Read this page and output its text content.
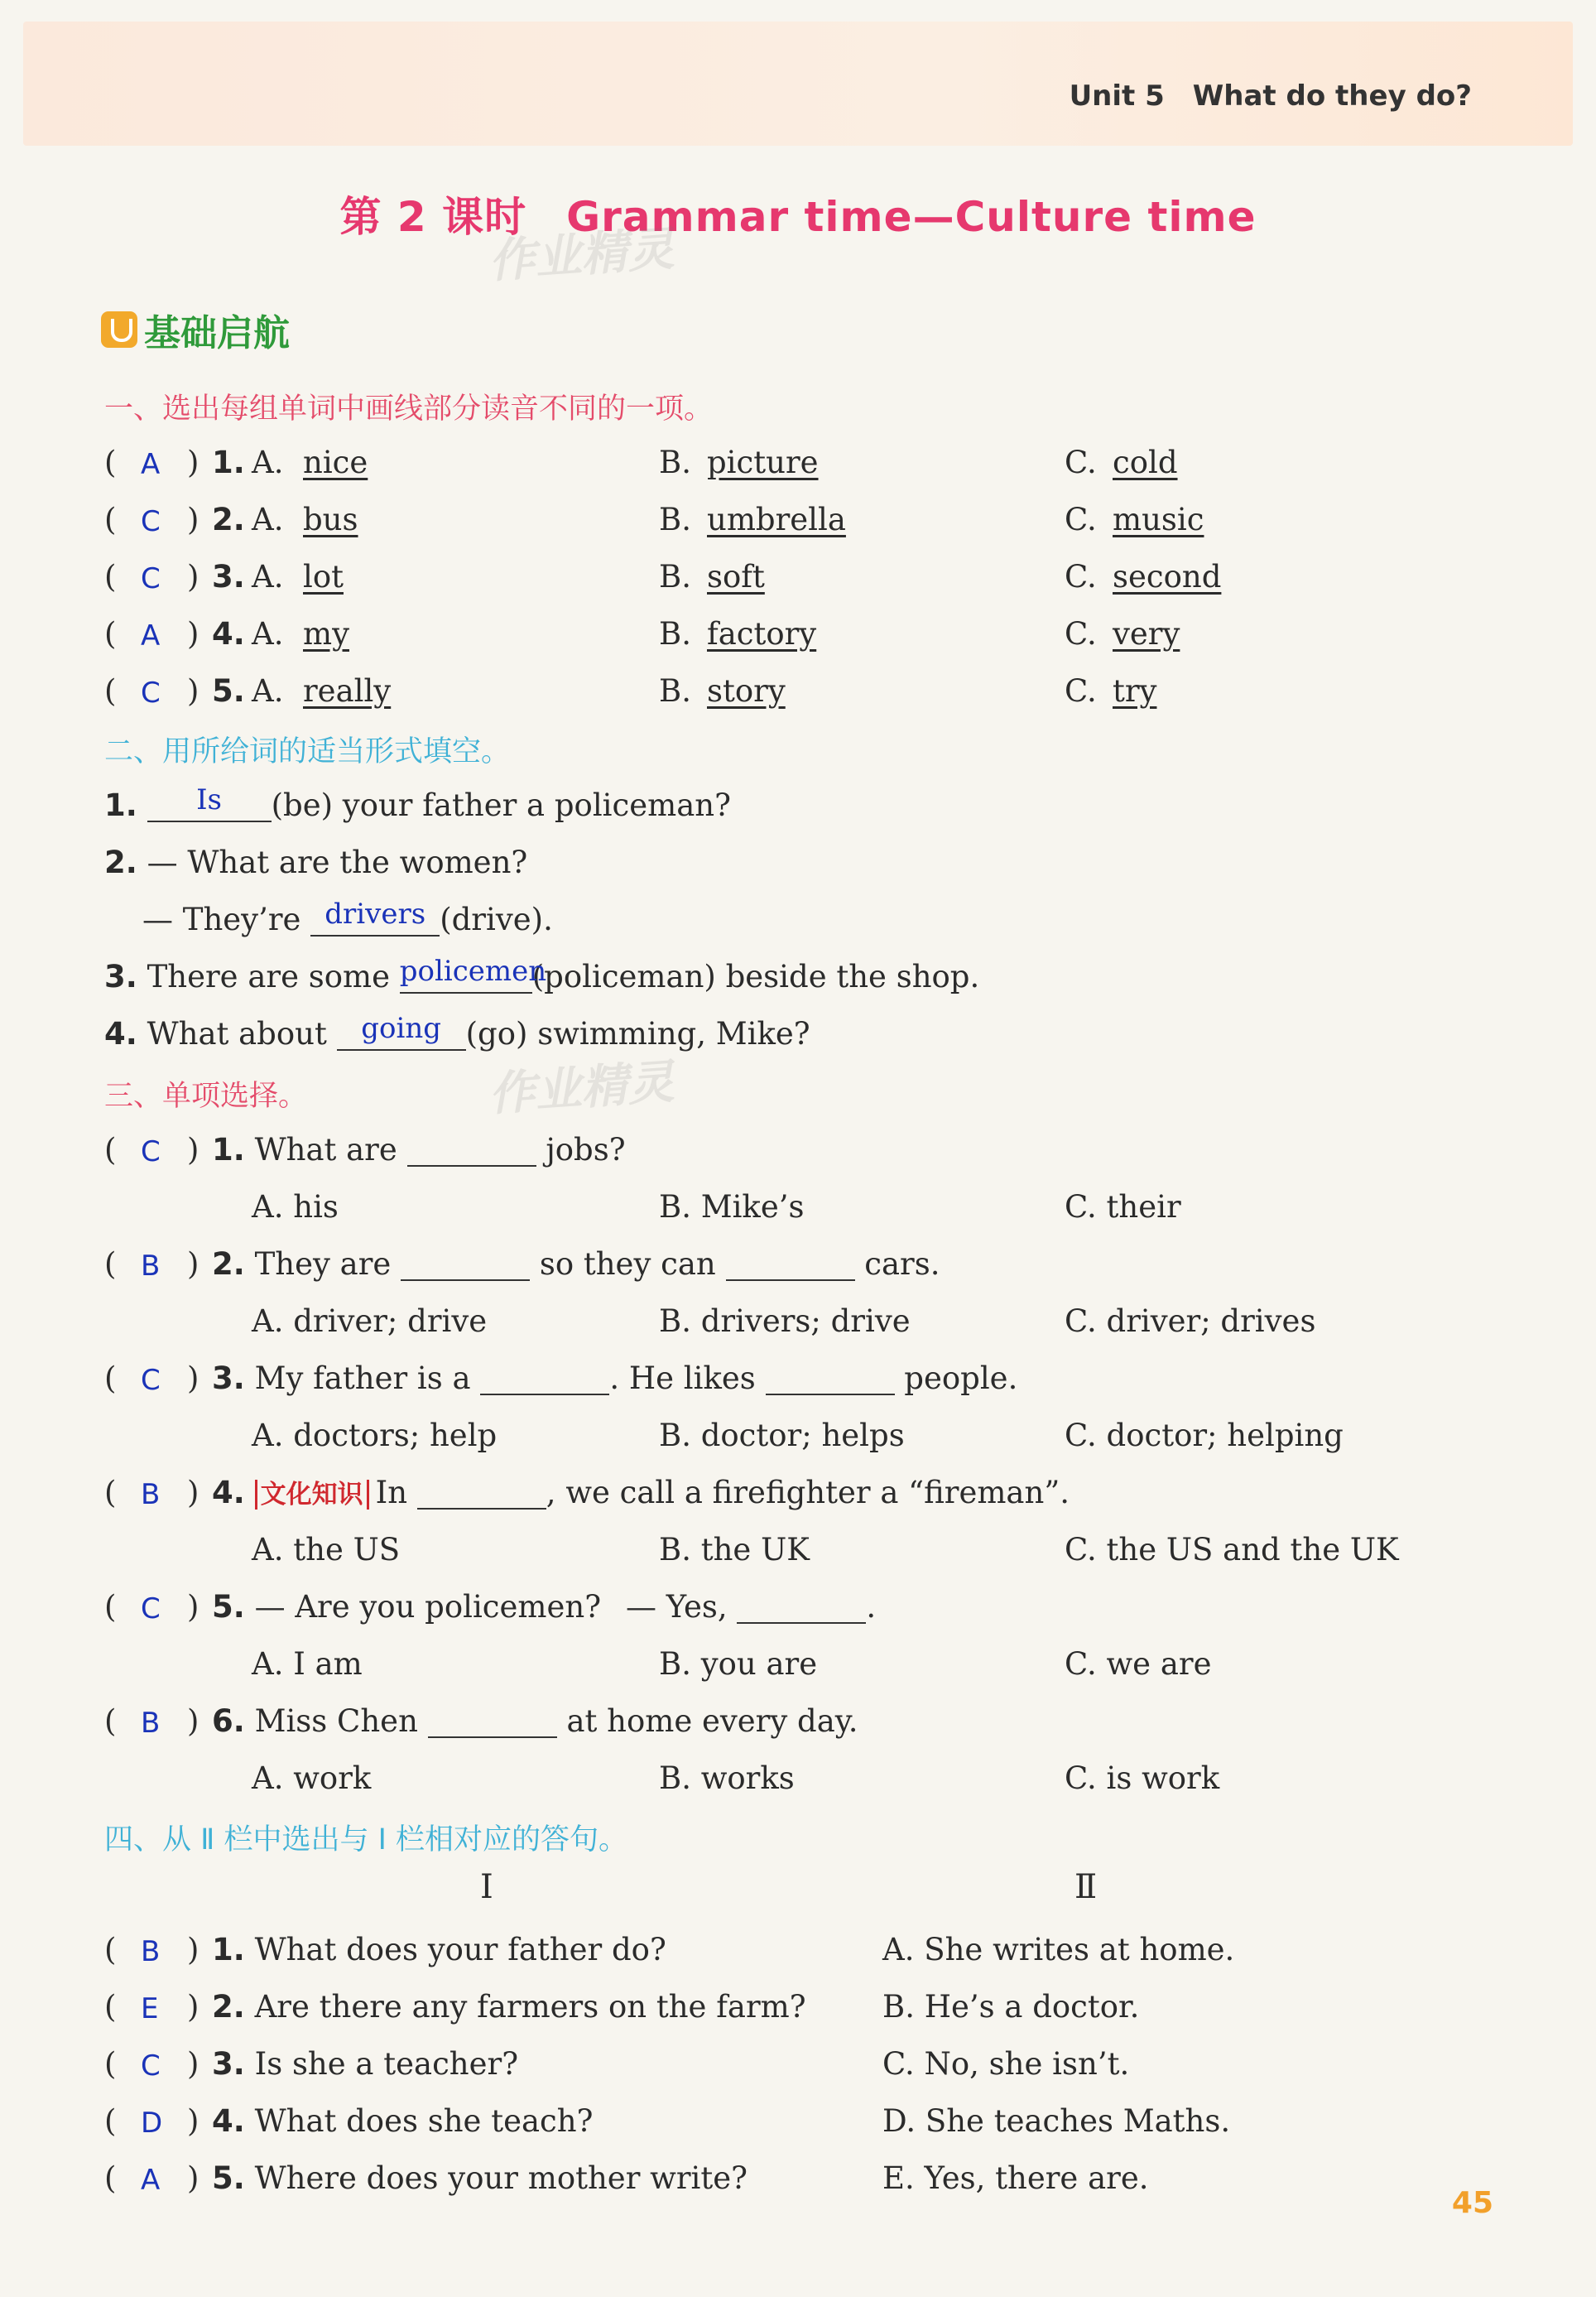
Unit 5 What do they do?
第 2 课时 Grammar time—Culture time
作业精灵
作业精灵
基础启航
一、选出每组单词中画线部分读音不同的一项。
( A ) 1. A. nice	B. picture	C. cold
( C ) 2. A. bus	B. umbrella	C. music
( C ) 3. A. lot	B. soft	C. second
( A ) 4. A. my	B. factory	C. very
( C ) 5. A. really	B. story	C. try
二、用所给词的适当形式填空。
1.	Is	(be) your father a policeman?
2. — What are the women?
— They’re drivers (drive).
3. There are some policemen
(policeman) beside the shop.
4. What about	going (go) swimming, Mike?
三、单项选择。
( C ) 1. What are	jobs?
A. his	B. Mike’s	C. their
( B ) 2. They are	so they can	cars.
A. driver; drive	B. drivers; drive	C. driver; drives
( C ) 3. My father is a	. He likes	people.
A. doctors; help	B. doctor; helps	C. doctor; helping
( B ) 4. 文化知识 In	, we call a firefighter a “fireman”.
A. the US	B. the UK	C. the US and the UK
( C ) 5. — Are you policemen? — Yes,	.
A. I am	B. you are	C. we are
( B ) 6. Miss Chen	at home every day.
A. work	B. works	C. is work
四、从 Ⅱ 栏中选出与 Ⅰ 栏相对应的答句。
Ⅰ	Ⅱ
( B ) 1. What does your father do?	A. She writes at home.
( E ) 2. Are there any farmers on the farm? B. He’s a doctor.
( C ) 3. Is she a teacher?	C. No, she isn’t.
( D ) 4. What does she teach?	D. She teaches Maths.
( A ) 5. Where does your mother write?	E. Yes, there are.
45
